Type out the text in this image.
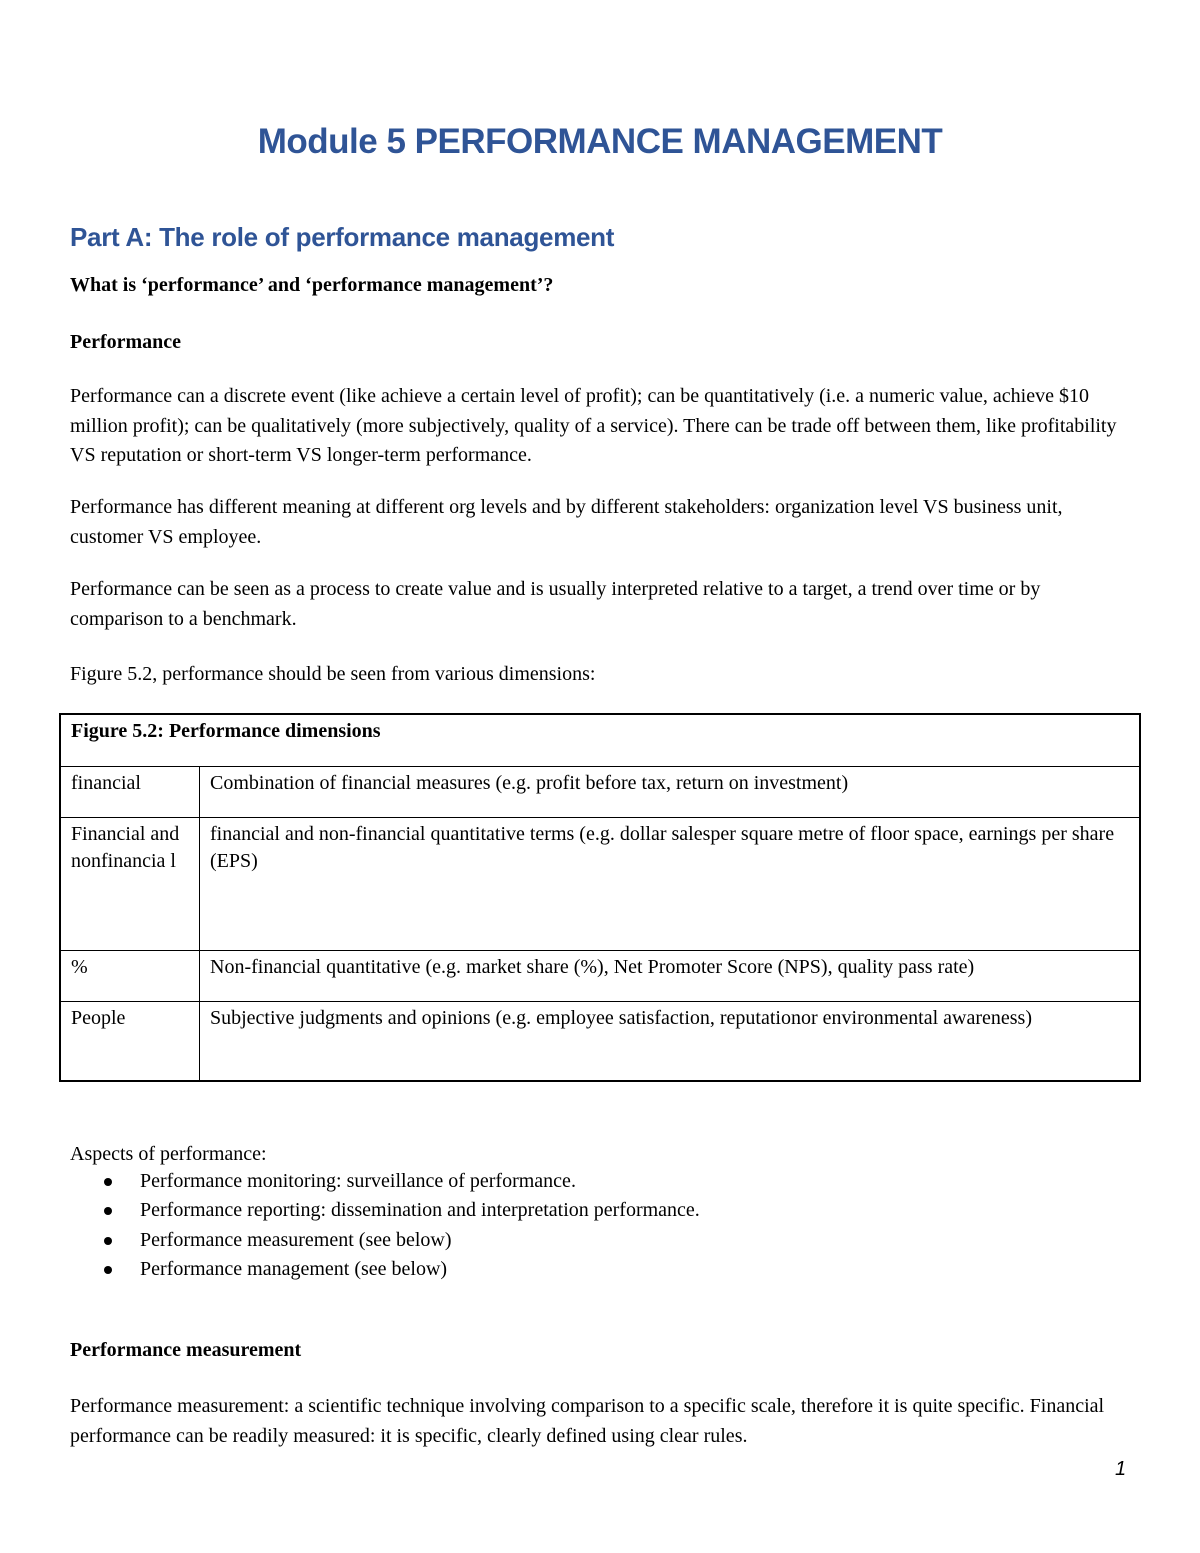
Module 5 PERFORMANCE MANAGEMENT
Part A: The role of performance management

What is ‘performance’ and ‘performance management’?

Performance

Performance can a discrete event (like achieve a certain level of profit); can be quantitatively (i.e. a numeric value, achieve $10 million profit); can be qualitatively (more subjectively, quality of a service). There can be trade off between them, like profitability VS reputation or short-term VS longer-term performance.

Performance has different meaning at different org levels and by different stakeholders: organization level VS business unit, customer VS employee.

Performance can be seen as a process to create value and is usually interpreted relative to a target, a trend over time or by comparison to a benchmark.

Figure 5.2, performance should be seen from various dimensions:

Figure 5.2: Performance dimensions	
financial	Combination of financial measures (e.g. profit before tax, return on investment)

Financial and nonfinancia l	financial and non-financial quantitative terms (e.g. dollar salesper square metre of floor space, earnings per share (EPS)
%	Non-financial quantitative (e.g. market share (%), Net Promoter Score (NPS), quality pass rate)
People	Subjective judgments and opinions (e.g. employee satisfaction, reputationor environmental awareness)

Aspects of performance:

Performance monitoring: surveillance of performance.
Performance reporting: dissemination and interpretation performance.
Performance measurement (see below)
Performance management (see below)

Performance measurement

Performance measurement: a scientific technique involving comparison to a specific scale, therefore it is quite specific. Financial performance can be readily measured: it is specific, clearly defined using clear rules.

1
